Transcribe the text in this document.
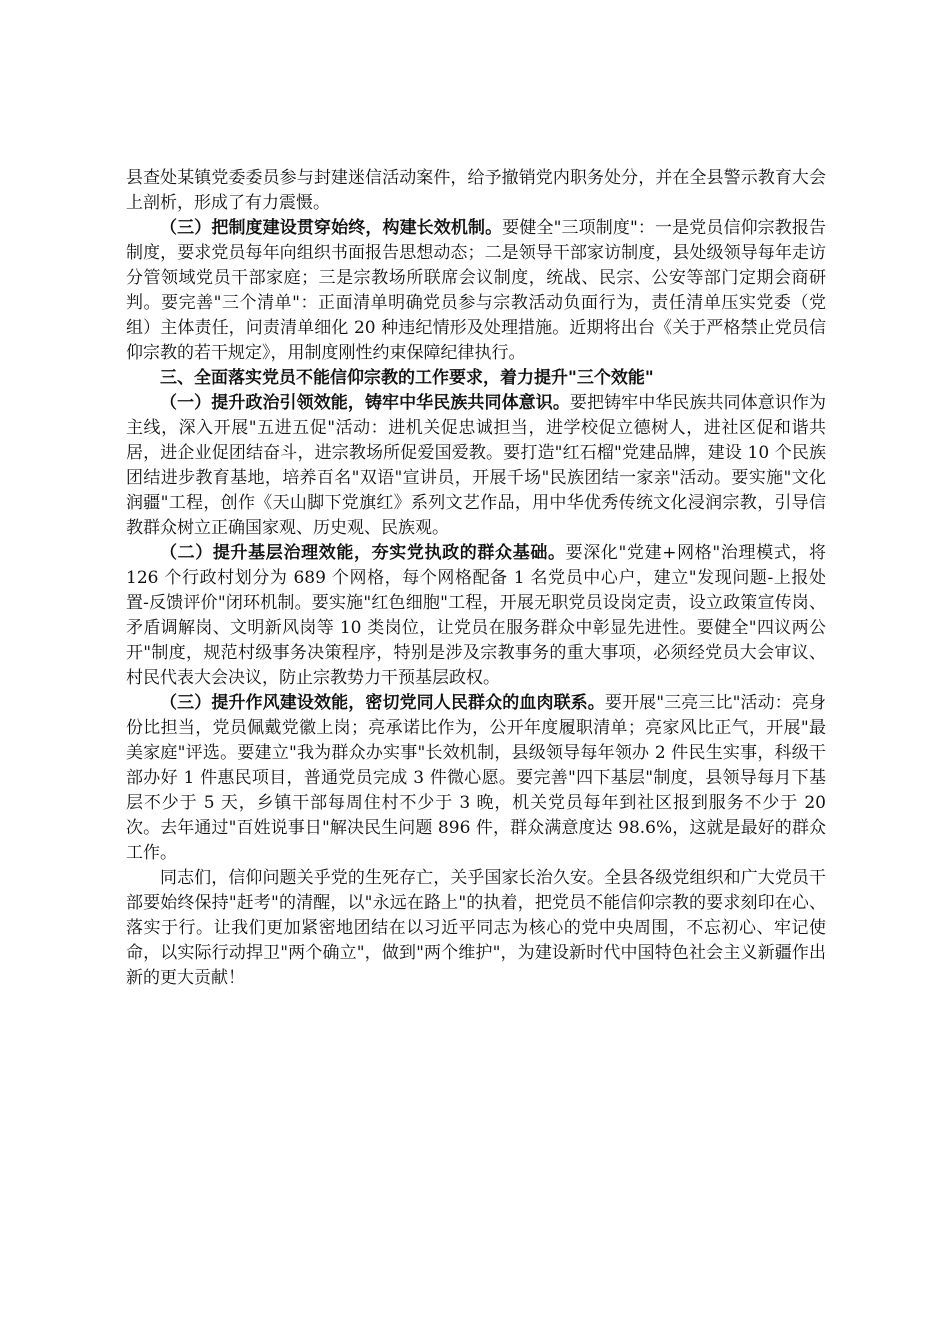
县查处某镇党委委员参与封建迷信活动案件，给予撤销党内职务处分，并在全县警示教育大会上剖析，形成了有力震慑。

（三）把制度建设贯穿始终，构建长效机制。要健全"三项制度"：一是党员信仰宗教报告制度，要求党员每年向组织书面报告思想动态；二是领导干部家访制度，县处级领导每年走访分管领域党员干部家庭；三是宗教场所联席会议制度，统战、民宗、公安等部门定期会商研判。要完善"三个清单"：正面清单明确党员参与宗教活动负面行为，责任清单压实党委（党组）主体责任，问责清单细化 20 种违纪情形及处理措施。近期将出台《关于严格禁止党员信仰宗教的若干规定》，用制度刚性约束保障纪律执行。

三、全面落实党员不能信仰宗教的工作要求，着力提升"三个效能"

（一）提升政治引领效能，铸牢中华民族共同体意识。要把铸牢中华民族共同体意识作为主线，深入开展"五进五促"活动：进机关促忠诚担当，进学校促立德树人，进社区促和谐共居，进企业促团结奋斗，进宗教场所促爱国爱教。要打造"红石榴"党建品牌，建设 10 个民族团结进步教育基地，培养百名"双语"宣讲员，开展千场"民族团结一家亲"活动。要实施"文化润疆"工程，创作《天山脚下党旗红》系列文艺作品，用中华优秀传统文化浸润宗教，引导信教群众树立正确国家观、历史观、民族观。

（二）提升基层治理效能，夯实党执政的群众基础。要深化"党建+网格"治理模式，将 126 个行政村划分为 689 个网格，每个网格配备 1 名党员中心户，建立"发现问题-上报处置-反馈评价"闭环机制。要实施"红色细胞"工程，开展无职党员设岗定责，设立政策宣传岗、矛盾调解岗、文明新风岗等 10 类岗位，让党员在服务群众中彰显先进性。要健全"四议两公开"制度，规范村级事务决策程序，特别是涉及宗教事务的重大事项，必须经党员大会审议、村民代表大会决议，防止宗教势力干预基层政权。

（三）提升作风建设效能，密切党同人民群众的血肉联系。要开展"三亮三比"活动：亮身份比担当，党员佩戴党徽上岗；亮承诺比作为，公开年度履职清单；亮家风比正气，开展"最美家庭"评选。要建立"我为群众办实事"长效机制，县级领导每年领办 2 件民生实事，科级干部办好 1 件惠民项目，普通党员完成 3 件微心愿。要完善"四下基层"制度，县领导每月下基层不少于 5 天，乡镇干部每周住村不少于 3 晚，机关党员每年到社区报到服务不少于 20 次。去年通过"百姓说事日"解决民生问题 896 件，群众满意度达 98.6%，这就是最好的群众工作。

同志们，信仰问题关乎党的生死存亡，关乎国家长治久安。全县各级党组织和广大党员干部要始终保持"赶考"的清醒，以"永远在路上"的执着，把党员不能信仰宗教的要求刻印在心、落实于行。让我们更加紧密地团结在以习近平同志为核心的党中央周围，不忘初心、牢记使命，以实际行动捍卫"两个确立"，做到"两个维护"，为建设新时代中国特色社会主义新疆作出新的更大贡献！
